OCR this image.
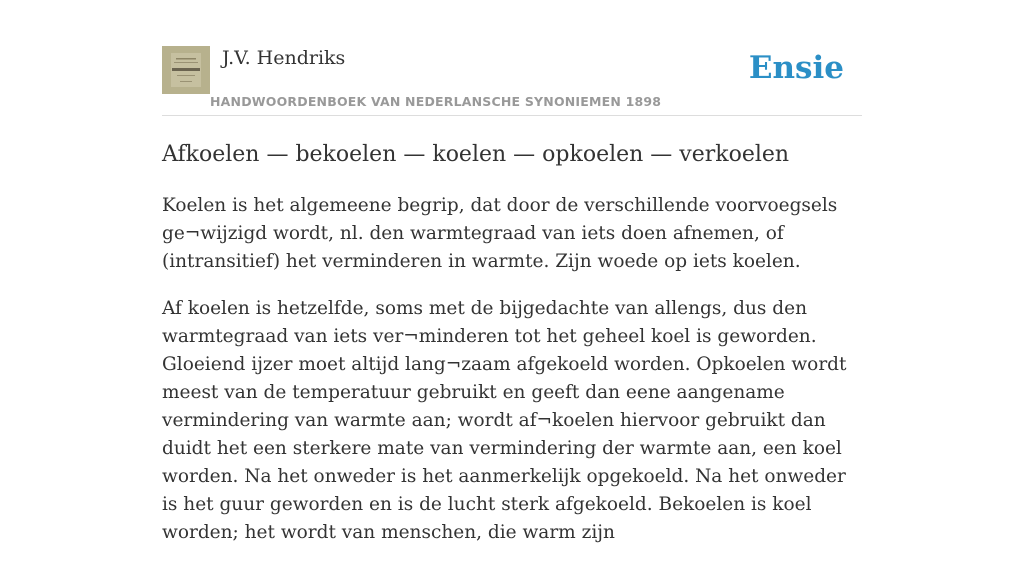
J.V. Hendriks
HANDWOORDENBOEK VAN NEDERLANSCHE SYNONIEMEN 1898
Ensie
Afkoelen — bekoelen — koelen — opkoelen — verkoelen

Koelen is het algemeene begrip, dat door de verschillende voorvoegsels ge¬wijzigd wordt, nl. den warmtegraad van iets doen afnemen, of (intransitief) het verminderen in warmte. Zijn woede op iets koelen.

Af koelen is hetzelfde, soms met de bijgedachte van allengs, dus den warmtegraad van iets ver¬minderen tot het geheel koel is geworden. Gloeiend ijzer moet altijd lang¬zaam afgekoeld worden. Opkoelen wordt meest van de temperatuur gebruikt en geeft dan eene aangename vermindering van warmte aan; wordt af¬koelen hiervoor gebruikt dan duidt het een sterkere mate van vermindering der warmte aan, een koel worden. Na het onweder is het aanmerkelijk opgekoeld. Na het onweder is het guur geworden en is de lucht sterk afgekoeld. Bekoelen is koel worden; het wordt van menschen, die warm zijn
